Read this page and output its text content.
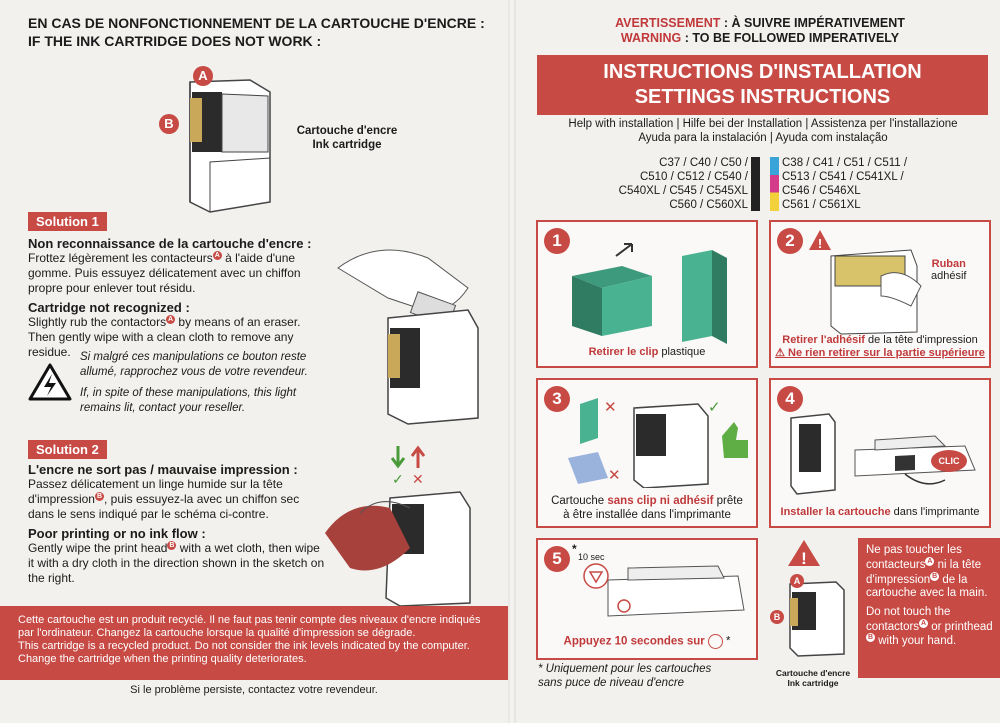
EN CAS DE NONFONCTIONNEMENT DE LA CARTOUCHE D'ENCRE :
IF THE INK CARTRIDGE DOES NOT WORK :
A
B	Cartouche d'encre
Ink cartridge
Solution 1
Non reconnaissance de la cartouche d'encre :
Frottez légèrement les contacteurs A à l'aide d'une gomme. Puis essuyez délicatement avec un chiffon propre pour enlever tout résidu.
Cartridge not recognized :
Slightly rub the contactors A by means of an eraser. Then gently wipe with a clean cloth to remove any residue. Si malgré ces manipulations ce bouton reste allumé, rapprochez vous de votre revendeur.
If, in spite of these manipulations, this light remains lit, contact your reseller.
Solution 2
L'encre ne sort pas / mauvaise impression :
Passez délicatement un linge humide sur la tête d'impression B , puis essuyez-la avec un chiffon sec dans le sens indiqué par le schéma ci-contre.
Poor printing or no ink flow :
Gently wipe the print head B with a wet cloth, then wipe it with a dry cloth in the direction shown in the sketch on the right.
✓ ✕
Cette cartouche est un produit recyclé. Il ne faut pas tenir compte des niveaux d'encre indiqués par l'ordinateur. Changez la cartouche lorsque la qualité d'impression se dégrade.
This cartridge is a recycled product. Do not consider the ink levels indicated by the computer. Change the cartridge when the printing quality deteriorates.
Si le problème persiste, contactez votre revendeur.
AVERTISSEMENT : À SUIVRE IMPÉRATIVEMENT
WARNING : TO BE FOLLOWED IMPERATIVELY
INSTRUCTIONS D'INSTALLATION
SETTINGS INSTRUCTIONS
Help with installation | Hilfe bei der Installation | Assistenza per l'installazione
Ayuda para la instalación | Ayuda com instalação
C37 / C40 / C50 /
C510 / C512 / C540 /
C540XL / C545 / C545XL
C560 / C560XL
C38 / C41 / C51 / C511 /
C513 / C541 / C541XL /
C546 / C546XL
C561 / C561XL
1
Retirer le clip plastique
2	!
Ruban
adhésif
Retirer l'adhésif de la tête d'impression
⚠ Ne rien retirer sur la partie supérieure
3	✕
✕
✓
Cartouche sans clip ni adhésif prête
à être installée dans l'imprimante
4
CLIC
Installer la cartouche dans l'imprimante
5 *
10 sec
Appuyez 10 secondes sur *
* Uniquement pour les cartouches
sans puce de niveau d'encre
!
A
B
Cartouche d'encre
Ink cartridge
Ne pas toucher les contacteurs A ni la tête d'impression B de la cartouche avec la main.
Do not touch the contactors A or printheadB with your hand.
